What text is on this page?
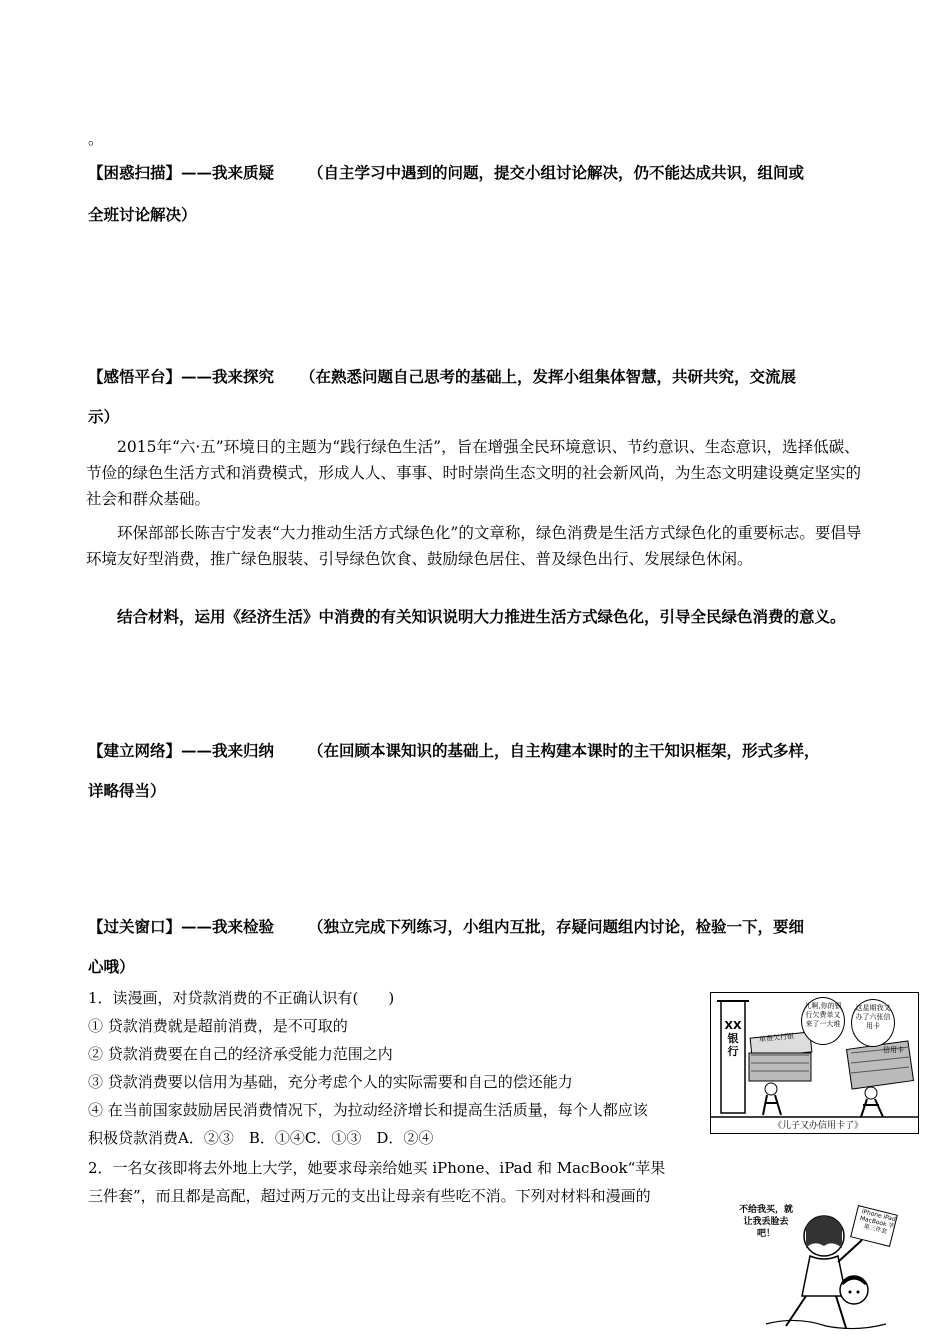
。
【困惑扫描】——我来质疑 （自主学习中遇到的问题，提交小组讨论解决，仍不能达成共识，组间或
全班讨论解决）
【感悟平台】——我来探究 （在熟悉问题自己思考的基础上，发挥小组集体智慧，共研共究，交流展
示）
2015年“六·五”环境日的主题为“践行绿色生活”，旨在增强全民环境意识、节约意识、生态意识，选择低碳、节俭的绿色生活方式和消费模式，形成人人、事事、时时崇尚生态文明的社会新风尚，为生态文明建设奠定坚实的社会和群众基础。
环保部部长陈吉宁发表“大力推动生活方式绿色化”的文章称，绿色消费是生活方式绿色化的重要标志。要倡导环境友好型消费，推广绿色服装、引导绿色饮食、鼓励绿色居住、普及绿色出行、发展绿色休闲。
结合材料，运用《经济生活》中消费的有关知识说明大力推进生活方式绿色化，引导全民绿色消费的意义。
【建立网络】——我来归纳 （在回顾本课知识的基础上，自主构建本课时的主干知识框架，形式多样，
详略得当）
【过关窗口】——我来检验 （独立完成下列练习，小组内互批，存疑问题组内讨论，检验一下，要细
心哦）
1．读漫画，对贷款消费的不正确认识有(　　)
① 贷款消费就是超前消费，是不可取的
② 贷款消费要在自己的经济承受能力范围之内
③ 贷款消费要以信用为基础，充分考虑个人的实际需要和自己的偿还能力
④ 在当前国家鼓励居民消费情况下，为拉动经济增长和提高生活质量，每个人都应该
积极贷款消费A．②③　B．①④C．①③　D．②④
2．一名女孩即将去外地上大学，她要求母亲给她买 iPhone、iPad 和 MacBook“苹果
三件套”，而且都是高配，超过两万元的支出让母亲有些吃不消。下列对材料和漫画的
XX银行
儿啊,你的银行欠费单又来了一大堆
这星期我又办了六张信用卡
单费欠行银
信用卡
《儿子又办信用卡了》
不给我买，就让我丢脸去吧！
iPhone iPad MacBook 苹果三件套
